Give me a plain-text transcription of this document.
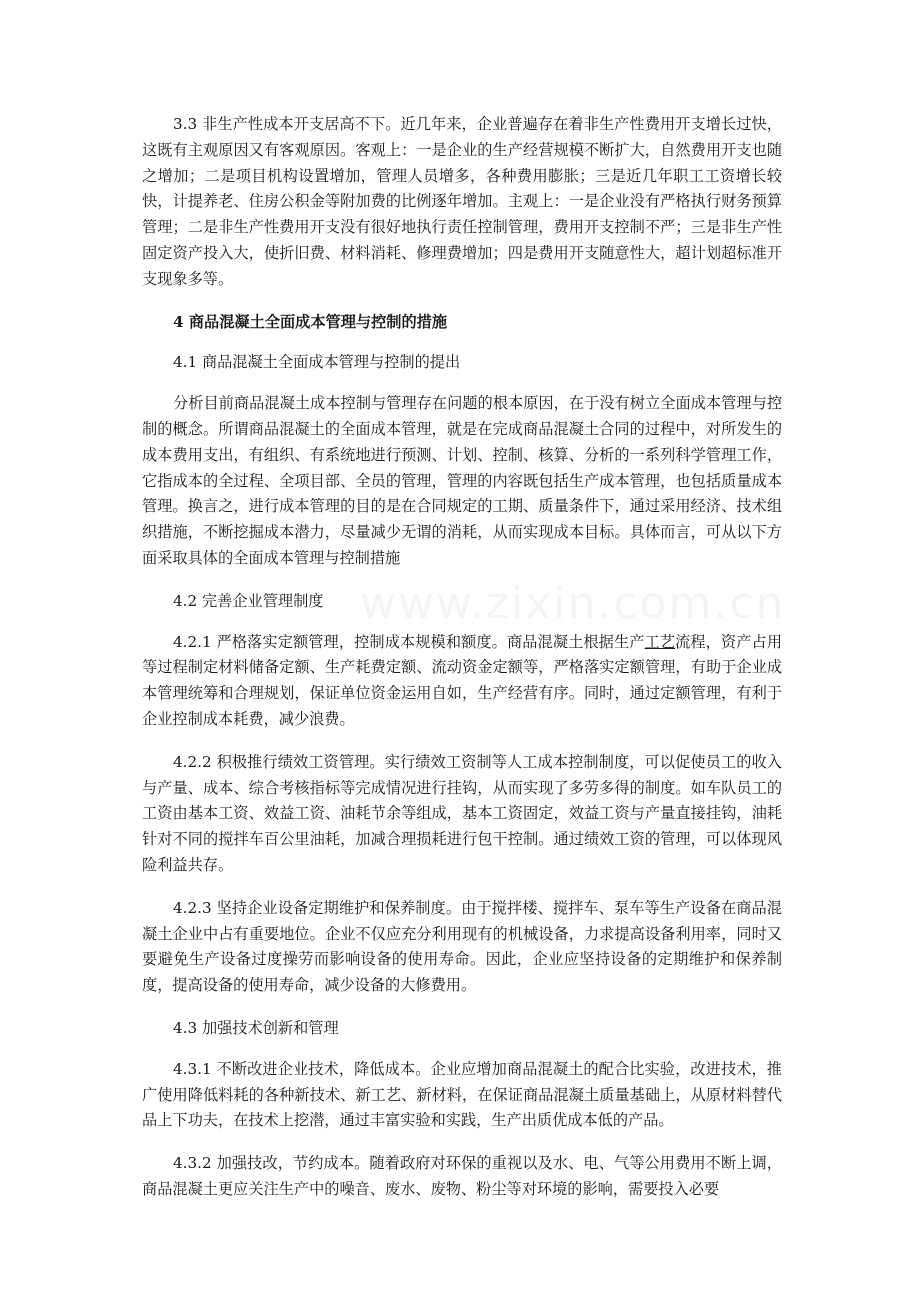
3.3 非生产性成本开支居高不下。近几年来，企业普遍存在着非生产性费用开支增长过快，这既有主观原因又有客观原因。客观上：一是企业的生产经营规模不断扩大，自然费用开支也随之增加；二是项目机构设置增加，管理人员增多，各种费用膨胀；三是近几年职工工资增长较快，计提养老、住房公积金等附加费的比例逐年增加。主观上：一是企业没有严格执行财务预算管理；二是非生产性费用开支没有很好地执行责任控制管理，费用开支控制不严；三是非生产性固定资产投入大，使折旧费、材料消耗、修理费增加；四是费用开支随意性大，超计划超标准开支现象多等。

4 商品混凝土全面成本管理与控制的措施

4.1 商品混凝土全面成本管理与控制的提出

分析目前商品混凝土成本控制与管理存在问题的根本原因，在于没有树立全面成本管理与控制的概念。所谓商品混凝土的全面成本管理，就是在完成商品混凝土合同的过程中，对所发生的成本费用支出，有组织、有系统地进行预测、计划、控制、核算、分析的一系列科学管理工作，它指成本的全过程、全项目部、全员的管理，管理的内容既包括生产成本管理，也包括质量成本管理。换言之，进行成本管理的目的是在合同规定的工期、质量条件下，通过采用经济、技术组织措施，不断挖掘成本潜力，尽量减少无谓的消耗，从而实现成本目标。具体而言，可从以下方面采取具体的全面成本管理与控制措施

4.2 完善企业管理制度

4.2.1 严格落实定额管理，控制成本规模和额度。商品混凝土根据生产工艺流程，资产占用等过程制定材料储备定额、生产耗费定额、流动资金定额等，严格落实定额管理，有助于企业成本管理统筹和合理规划，保证单位资金运用自如，生产经营有序。同时，通过定额管理，有利于企业控制成本耗费，减少浪费。

4.2.2 积极推行绩效工资管理。实行绩效工资制等人工成本控制制度，可以促使员工的收入与产量、成本、综合考核指标等完成情况进行挂钩，从而实现了多劳多得的制度。如车队员工的工资由基本工资、效益工资、油耗节余等组成，基本工资固定，效益工资与产量直接挂钩，油耗针对不同的搅拌车百公里油耗，加减合理损耗进行包干控制。通过绩效工资的管理，可以体现风险利益共存。

4.2.3 坚持企业设备定期维护和保养制度。由于搅拌楼、搅拌车、泵车等生产设备在商品混凝土企业中占有重要地位。企业不仅应充分利用现有的机械设备，力求提高设备利用率，同时又要避免生产设备过度操劳而影响设备的使用寿命。因此，企业应坚持设备的定期维护和保养制度，提高设备的使用寿命，减少设备的大修费用。

4.3 加强技术创新和管理

4.3.1 不断改进企业技术，降低成本。企业应增加商品混凝土的配合比实验，改进技术，推广使用降低料耗的各种新技术、新工艺、新材料，在保证商品混凝土质量基础上，从原材料替代品上下功夫，在技术上挖潜，通过丰富实验和实践，生产出质优成本低的产品。

4.3.2 加强技改，节约成本。随着政府对环保的重视以及水、电、气等公用费用不断上调，商品混凝土更应关注生产中的噪音、废水、废物、粉尘等对环境的影响，需要投入必要
